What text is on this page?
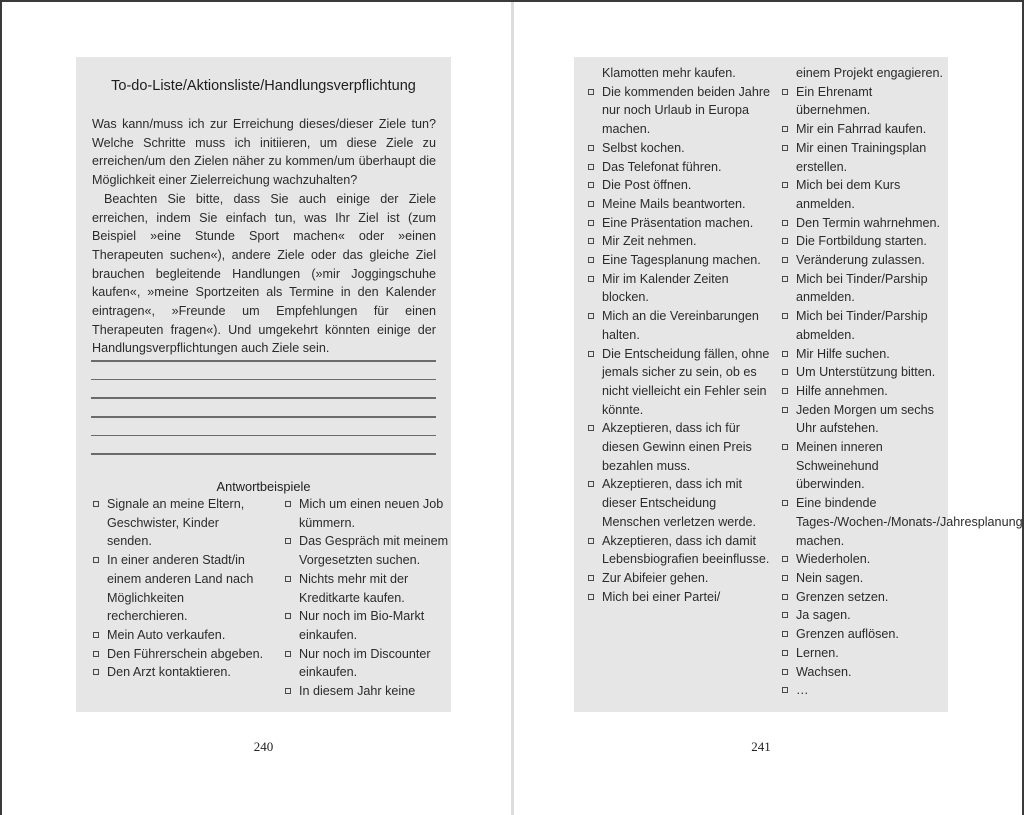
To-do-Liste/Aktionsliste/Handlungsverpflichtung

Was kann/muss ich zur Erreichung dieses/dieser Ziele tun? Welche Schritte muss ich initiieren, um diese Ziele zu erreichen/um den Zielen näher zu kommen/um überhaupt die Möglichkeit einer Zielerreichung wachzuhalten?

Beachten Sie bitte, dass Sie auch einige der Ziele erreichen, indem Sie einfach tun, was Ihr Ziel ist (zum Beispiel »eine Stunde Sport machen« oder »einen Therapeuten suchen«), andere Ziele oder das gleiche Ziel brauchen begleitende Handlungen (»mir Joggingschuhe kaufen«, »meine Sportzeiten als Termine in den Kalender eintragen«, »Freunde um Empfehlungen für einen Therapeuten fragen«). Und umgekehrt könnten einige der Handlungsverpflichtungen auch Ziele sein.

Antwortbeispiele
Signale an meine Eltern, Geschwister, Kinder senden.
In einer anderen Stadt/in einem anderen Land nach Möglichkeiten recherchieren.
Mein Auto verkaufen.
Den Führerschein abgeben.
Den Arzt kontaktieren.
Mich um einen neuen Job kümmern.
Das Gespräch mit meinem Vorgesetzten suchen.
Nichts mehr mit der Kreditkarte kaufen.
Nur noch im Bio-Markt einkaufen.
Nur noch im Discounter einkaufen.
In diesem Jahr keine
240
Klamotten mehr kaufen.
Die kommenden beiden Jahre nur noch Urlaub in Europa machen.
Selbst kochen.
Das Telefonat führen.
Die Post öffnen.
Meine Mails beantworten.
Eine Präsentation machen.
Mir Zeit nehmen.
Eine Tagesplanung machen.
Mir im Kalender Zeiten blocken.
Mich an die Vereinbarungen halten.
Die Entscheidung fällen, ohne jemals sicher zu sein, ob es nicht vielleicht ein Fehler sein könnte.
Akzeptieren, dass ich für diesen Gewinn einen Preis bezahlen muss.
Akzeptieren, dass ich mit dieser Entscheidung Menschen verletzen werde.
Akzeptieren, dass ich damit Lebensbiografien beeinflusse.
Zur Abifeier gehen.
Mich bei einer Partei/
einem Projekt engagieren.
Ein Ehrenamt übernehmen.
Mir ein Fahrrad kaufen.
Mir einen Trainingsplan erstellen.
Mich bei dem Kurs anmelden.
Den Termin wahrnehmen.
Die Fortbildung starten.
Veränderung zulassen.
Mich bei Tinder/Parship anmelden.
Mich bei Tinder/Parship abmelden.
Mir Hilfe suchen.
Um Unterstützung bitten.
Hilfe annehmen.
Jeden Morgen um sechs Uhr aufstehen.
Meinen inneren Schweinehund überwinden.
Eine bindende Tages-/Wochen-/Monats-/Jahresplanung machen.
Wiederholen.
Nein sagen.
Grenzen setzen.
Ja sagen.
Grenzen auflösen.
Lernen.
Wachsen.
…
241
